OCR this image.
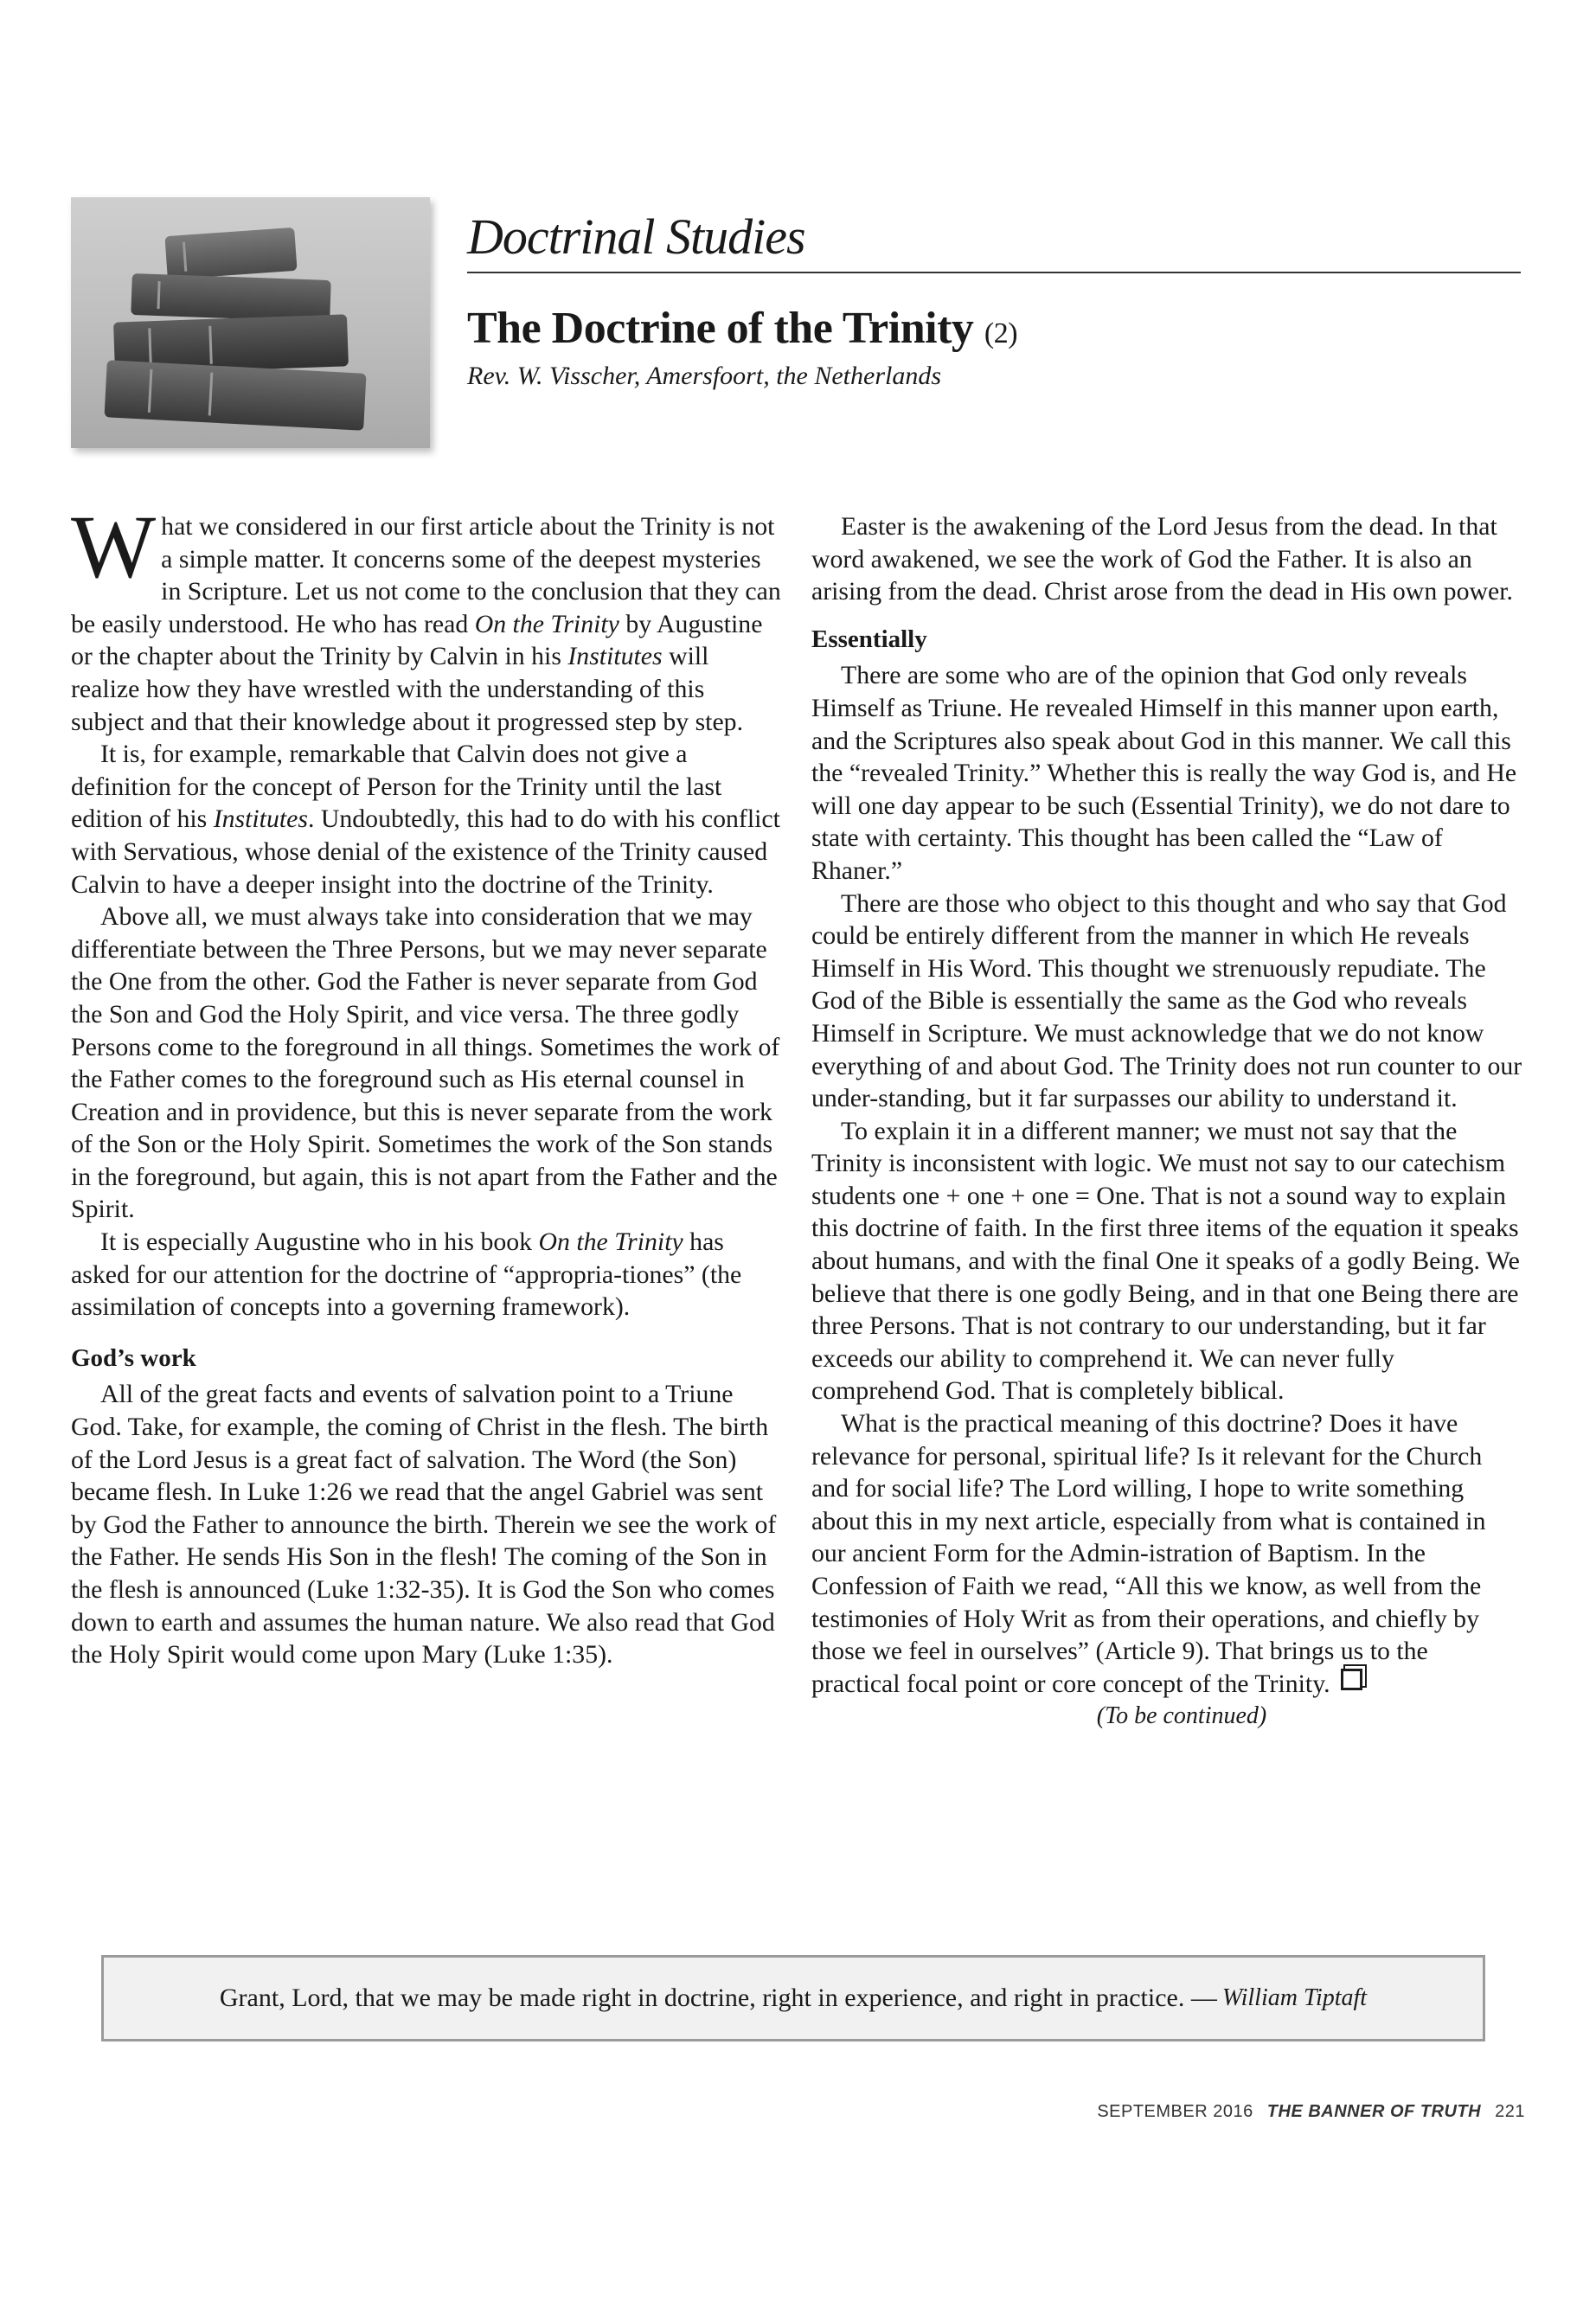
Doctrinal Studies
The Doctrine of the Trinity (2)

Rev. W. Visscher, Amersfoort, the Netherlands

What we considered in our first article about the Trinity is not a simple matter. It concerns some of the deepest mysteries in Scripture. Let us not come to the conclusion that they can be easily understood. He who has read On the Trinity by Augustine or the chapter about the Trinity by Calvin in his Institutes will realize how they have wrestled with the understanding of this subject and that their knowledge about it progressed step by step.

It is, for example, remarkable that Calvin does not give a definition for the concept of Person for the Trinity until the last edition of his Institutes. Undoubtedly, this had to do with his conflict with Servatious, whose denial of the existence of the Trinity caused Calvin to have a deeper insight into the doctrine of the Trinity.

Above all, we must always take into consideration that we may differentiate between the Three Persons, but we may never separate the One from the other. God the Father is never separate from God the Son and God the Holy Spirit, and vice versa. The three godly Persons come to the foreground in all things. Sometimes the work of the Father comes to the foreground such as His eternal counsel in Creation and in providence, but this is never separate from the work of the Son or the Holy Spirit. Sometimes the work of the Son stands in the foreground, but again, this is not apart from the Father and the Spirit.

It is especially Augustine who in his book On the Trinity has asked for our attention for the doctrine of “appropria-tiones” (the assimilation of concepts into a governing framework).

God’s work

All of the great facts and events of salvation point to a Triune God. Take, for example, the coming of Christ in the flesh. The birth of the Lord Jesus is a great fact of salvation. The Word (the Son) became flesh. In Luke 1:26 we read that the angel Gabriel was sent by God the Father to announce the birth. Therein we see the work of the Father. He sends His Son in the flesh! The coming of the Son in the flesh is announced (Luke 1:32-35). It is God the Son who comes down to earth and assumes the human nature. We also read that God the Holy Spirit would come upon Mary (Luke 1:35).

Easter is the awakening of the Lord Jesus from the dead. In that word awakened, we see the work of God the Father. It is also an arising from the dead. Christ arose from the dead in His own power.

Essentially

There are some who are of the opinion that God only reveals Himself as Triune. He revealed Himself in this manner upon earth, and the Scriptures also speak about God in this manner. We call this the “revealed Trinity.” Whether this is really the way God is, and He will one day appear to be such (Essential Trinity), we do not dare to state with certainty. This thought has been called the “Law of Rhaner.”

There are those who object to this thought and who say that God could be entirely different from the manner in which He reveals Himself in His Word. This thought we strenuously repudiate. The God of the Bible is essentially the same as the God who reveals Himself in Scripture. We must acknowledge that we do not know everything of and about God. The Trinity does not run counter to our under-standing, but it far surpasses our ability to understand it.

To explain it in a different manner; we must not say that the Trinity is inconsistent with logic. We must not say to our catechism students one + one + one = One. That is not a sound way to explain this doctrine of faith. In the first three items of the equation it speaks about humans, and with the final One it speaks of a godly Being. We believe that there is one godly Being, and in that one Being there are three Persons. That is not contrary to our understanding, but it far exceeds our ability to comprehend it. We can never fully comprehend God. That is completely biblical.

What is the practical meaning of this doctrine? Does it have relevance for personal, spiritual life? Is it relevant for the Church and for social life? The Lord willing, I hope to write something about this in my next article, especially from what is contained in our ancient Form for the Admin-istration of Baptism. In the Confession of Faith we read, “All this we know, as well from the testimonies of Holy Writ as from their operations, and chiefly by those we feel in ourselves” (Article 9). That brings us to the practical focal point or core concept of the Trinity.

(To be continued)

Grant, Lord, that we may be made right in doctrine, right in experience, and right in practice. — William Tiptaft
SEPTEMBER 2016 THE BANNER OF TRUTH 221
